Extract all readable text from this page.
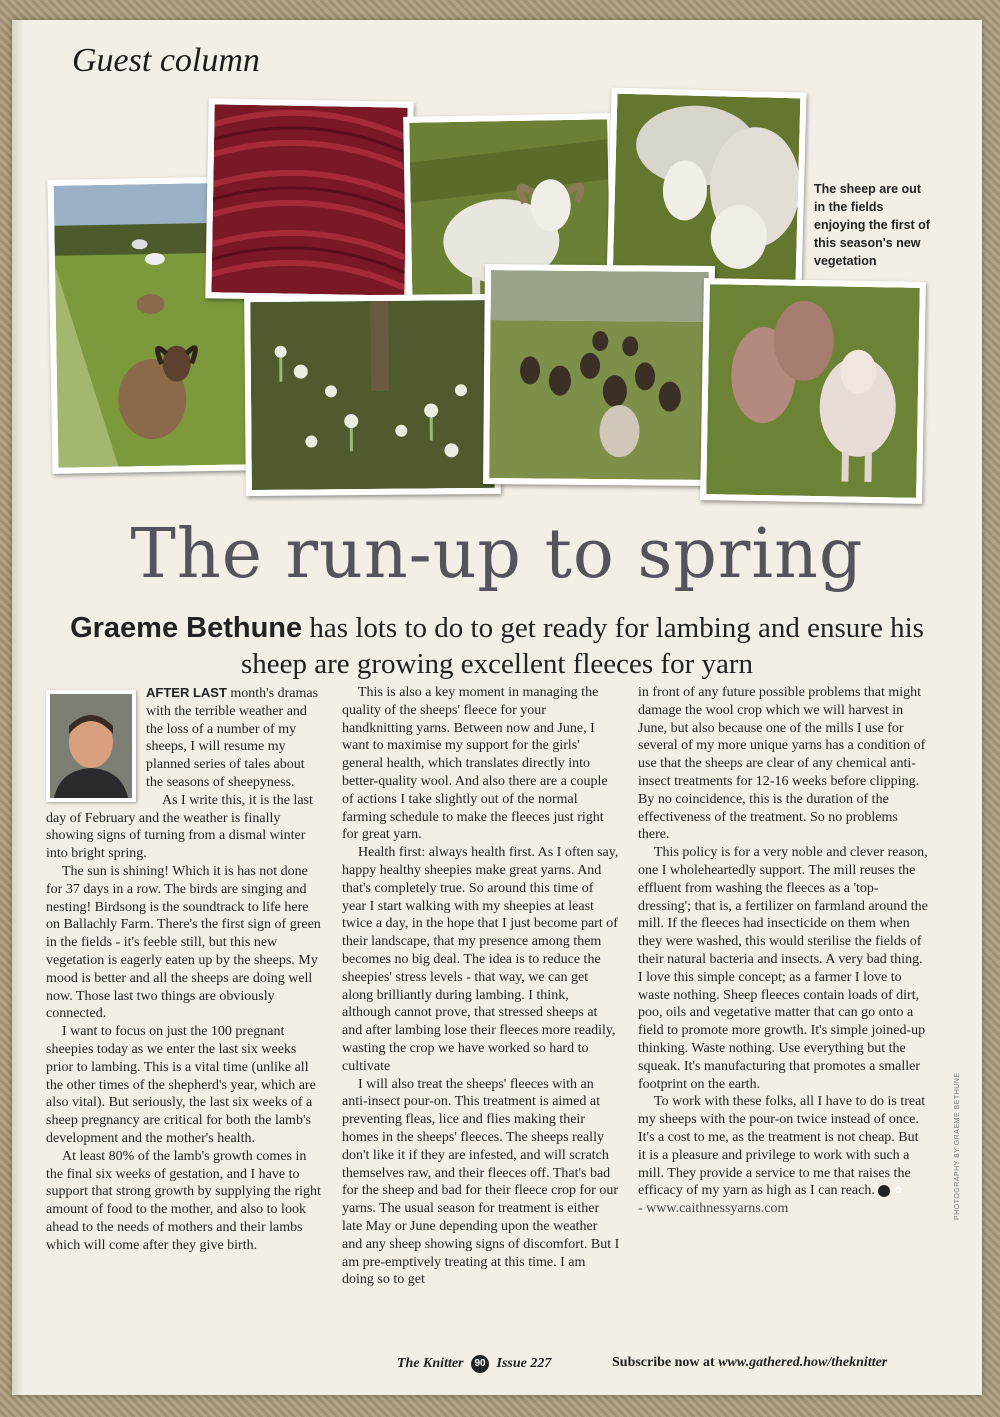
Guest column
The sheep are out in the fields enjoying the first of this season's new vegetation
The run-up to spring

Graeme Bethune has lots to do to get ready for lambing and ensure his sheep are growing excellent fleeces for yarn

AFTER LAST month's dramas with the terrible weather and the loss of a number of my sheeps, I will resume my planned series of tales about the seasons of sheepyness.

As I write this, it is the last day of February and the weather is finally showing signs of turning from a dismal winter into bright spring.

The sun is shining! Which it is has not done for 37 days in a row. The birds are singing and nesting! Birdsong is the soundtrack to life here on Ballachly Farm. There's the first sign of green in the fields - it's feeble still, but this new vegetation is eagerly eaten up by the sheeps. My mood is better and all the sheeps are doing well now. Those last two things are obviously connected.

I want to focus on just the 100 pregnant sheepies today as we enter the last six weeks prior to lambing. This is a vital time (unlike all the other times of the shepherd's year, which are also vital). But seriously, the last six weeks of a sheep pregnancy are critical for both the lamb's development and the mother's health.

At least 80% of the lamb's growth comes in the final six weeks of gestation, and I have to support that strong growth by supplying the right amount of food to the mother, and also to look ahead to the needs of mothers and their lambs which will come after they give birth.

This is also a key moment in managing the quality of the sheeps' fleece for your handknitting yarns. Between now and June, I want to maximise my support for the girls' general health, which translates directly into better-quality wool. And also there are a couple of actions I take slightly out of the normal farming schedule to make the fleeces just right for great yarn.

Health first: always health first. As I often say, happy healthy sheepies make great yarns. And that's completely true. So around this time of year I start walking with my sheepies at least twice a day, in the hope that I just become part of their landscape, that my presence among them becomes no big deal. The idea is to reduce the sheepies' stress levels - that way, we can get along brilliantly during lambing. I think, although cannot prove, that stressed sheeps at and after lambing lose their fleeces more readily, wasting the crop we have worked so hard to cultivate

I will also treat the sheeps' fleeces with an anti-insect pour-on. This treatment is aimed at preventing fleas, lice and flies making their homes in the sheeps' fleeces. The sheeps really don't like it if they are infested, and will scratch themselves raw, and their fleeces off. That's bad for the sheep and bad for their fleece crop for our yarns. The usual season for treatment is either late May or June depending upon the weather and any sheep showing signs of discomfort. But I am pre-emptively treating at this time. I am doing so to get

in front of any future possible problems that might damage the wool crop which we will harvest in June, but also because one of the mills I use for several of my more unique yarns has a condition of use that the sheeps are clear of any chemical anti-insect treatments for 12-16 weeks before clipping. By no coincidence, this is the duration of the effectiveness of the treatment. So no problems there.

This policy is for a very noble and clever reason, one I wholeheartedly support. The mill reuses the effluent from washing the fleeces as a 'top-dressing'; that is, a fertilizer on farmland around the mill. If the fleeces had insecticide on them when they were washed, this would sterilise the fields of their natural bacteria and insects. A very bad thing. I love this simple concept; as a farmer I love to waste nothing. Sheep fleeces contain loads of dirt, poo, oils and vegetative matter that can go onto a field to promote more growth. It's simple joined-up thinking. Waste nothing. Use everything but the squeak. It's manufacturing that promotes a smaller footprint on the earth.

To work with these folks, all I have to do is treat my sheeps with the pour-on twice instead of once. It's a cost to me, as the treatment is not cheap. But it is a pleasure and privilege to work with such a mill. They provide a service to me that raises the efficacy of my yarn as high as I can reach. ✿

- www.caithnessyarns.com	PHOTOGRAPHY BY GRAEME BETHUNE
The Knitter 90 Issue 227	Subscribe now at www.gathered.how/theknitter
